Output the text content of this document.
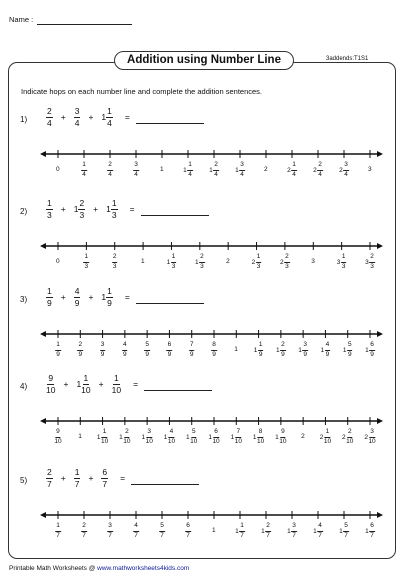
Name :
Addition using Number Line	3addends:T1S1
Indicate hops on each number line and complete the addition sentences.
$1) \frac{2}{4} + \frac{3}{4} + 1 \frac{1}{4}$ =
0	$\frac{1}{4}$	$\frac{2}{4}$	$\frac{3}{4}$	1	$1 \frac{1}{4}$	$1 \frac{2}{4}$	$1 \frac{3}{4}$	2	$2 \frac{1}{4}$	$2 \frac{2}{4}$	$2 \frac{3}{4}$	3
$2) \frac{1}{3} + 1 \frac{2}{3} + 1 \frac{1}{3}$ =
0	$\frac{1}{3}$	$\frac{2}{3}$	1	$1 \frac{1}{3}$	$1 \frac{2}{3}$	2	$2 \frac{1}{3}$	$2 \frac{2}{3}$	3	$3 \frac{1}{3}$	$3 \frac{2}{3}$
$3) \frac{1}{9} + \frac{4}{9} + 1 \frac{1}{9}$ =
$\frac{1}{9}$	$\frac{2}{9}$	$\frac{3}{9}$	$\frac{4}{9}$	$\frac{5}{9}$	$\frac{6}{9}$	$\frac{7}{9}$	$\frac{8}{9}$	1 $1 \frac{1}{9} 1 \frac{2}{9} 1 \frac{3}{9} 1 \frac{4}{9} 1 \frac{5}{9} 1 \frac{6}{9}$
$4) \frac{9}{10} + 1 \frac{1}{10} + \frac{1}{10}$ =
$\frac{9}{10}$	1 $1 \frac{1}{10} 1 \frac{2}{10} 1 \frac{3}{10} 1 \frac{4}{10} 1 \frac{5}{10} 1 \frac{6}{10} 1 \frac{7}{10} 1 \frac{8}{10} 1 \frac{9}{10} 2$ $2 \frac{1}{10} 2 \frac{2}{10} 2 \frac{3}{10}$
$5) \frac{2}{7} + \frac{1}{7} + \frac{6}{7}$ =
$\frac{1}{7}$	$\frac{2}{7}$	$\frac{3}{7}$	$\frac{4}{7}$	$\frac{5}{7}$	$\frac{6}{7}$	1	$1 \frac{1}{7}$	$1 \frac{2}{7}$	$1 \frac{3}{7}$	$1 \frac{4}{7}$	$1 \frac{5}{7}$	$1 \frac{6}{7}$
Printable Math Worksheets @ www.mathworksheets4kids.com
